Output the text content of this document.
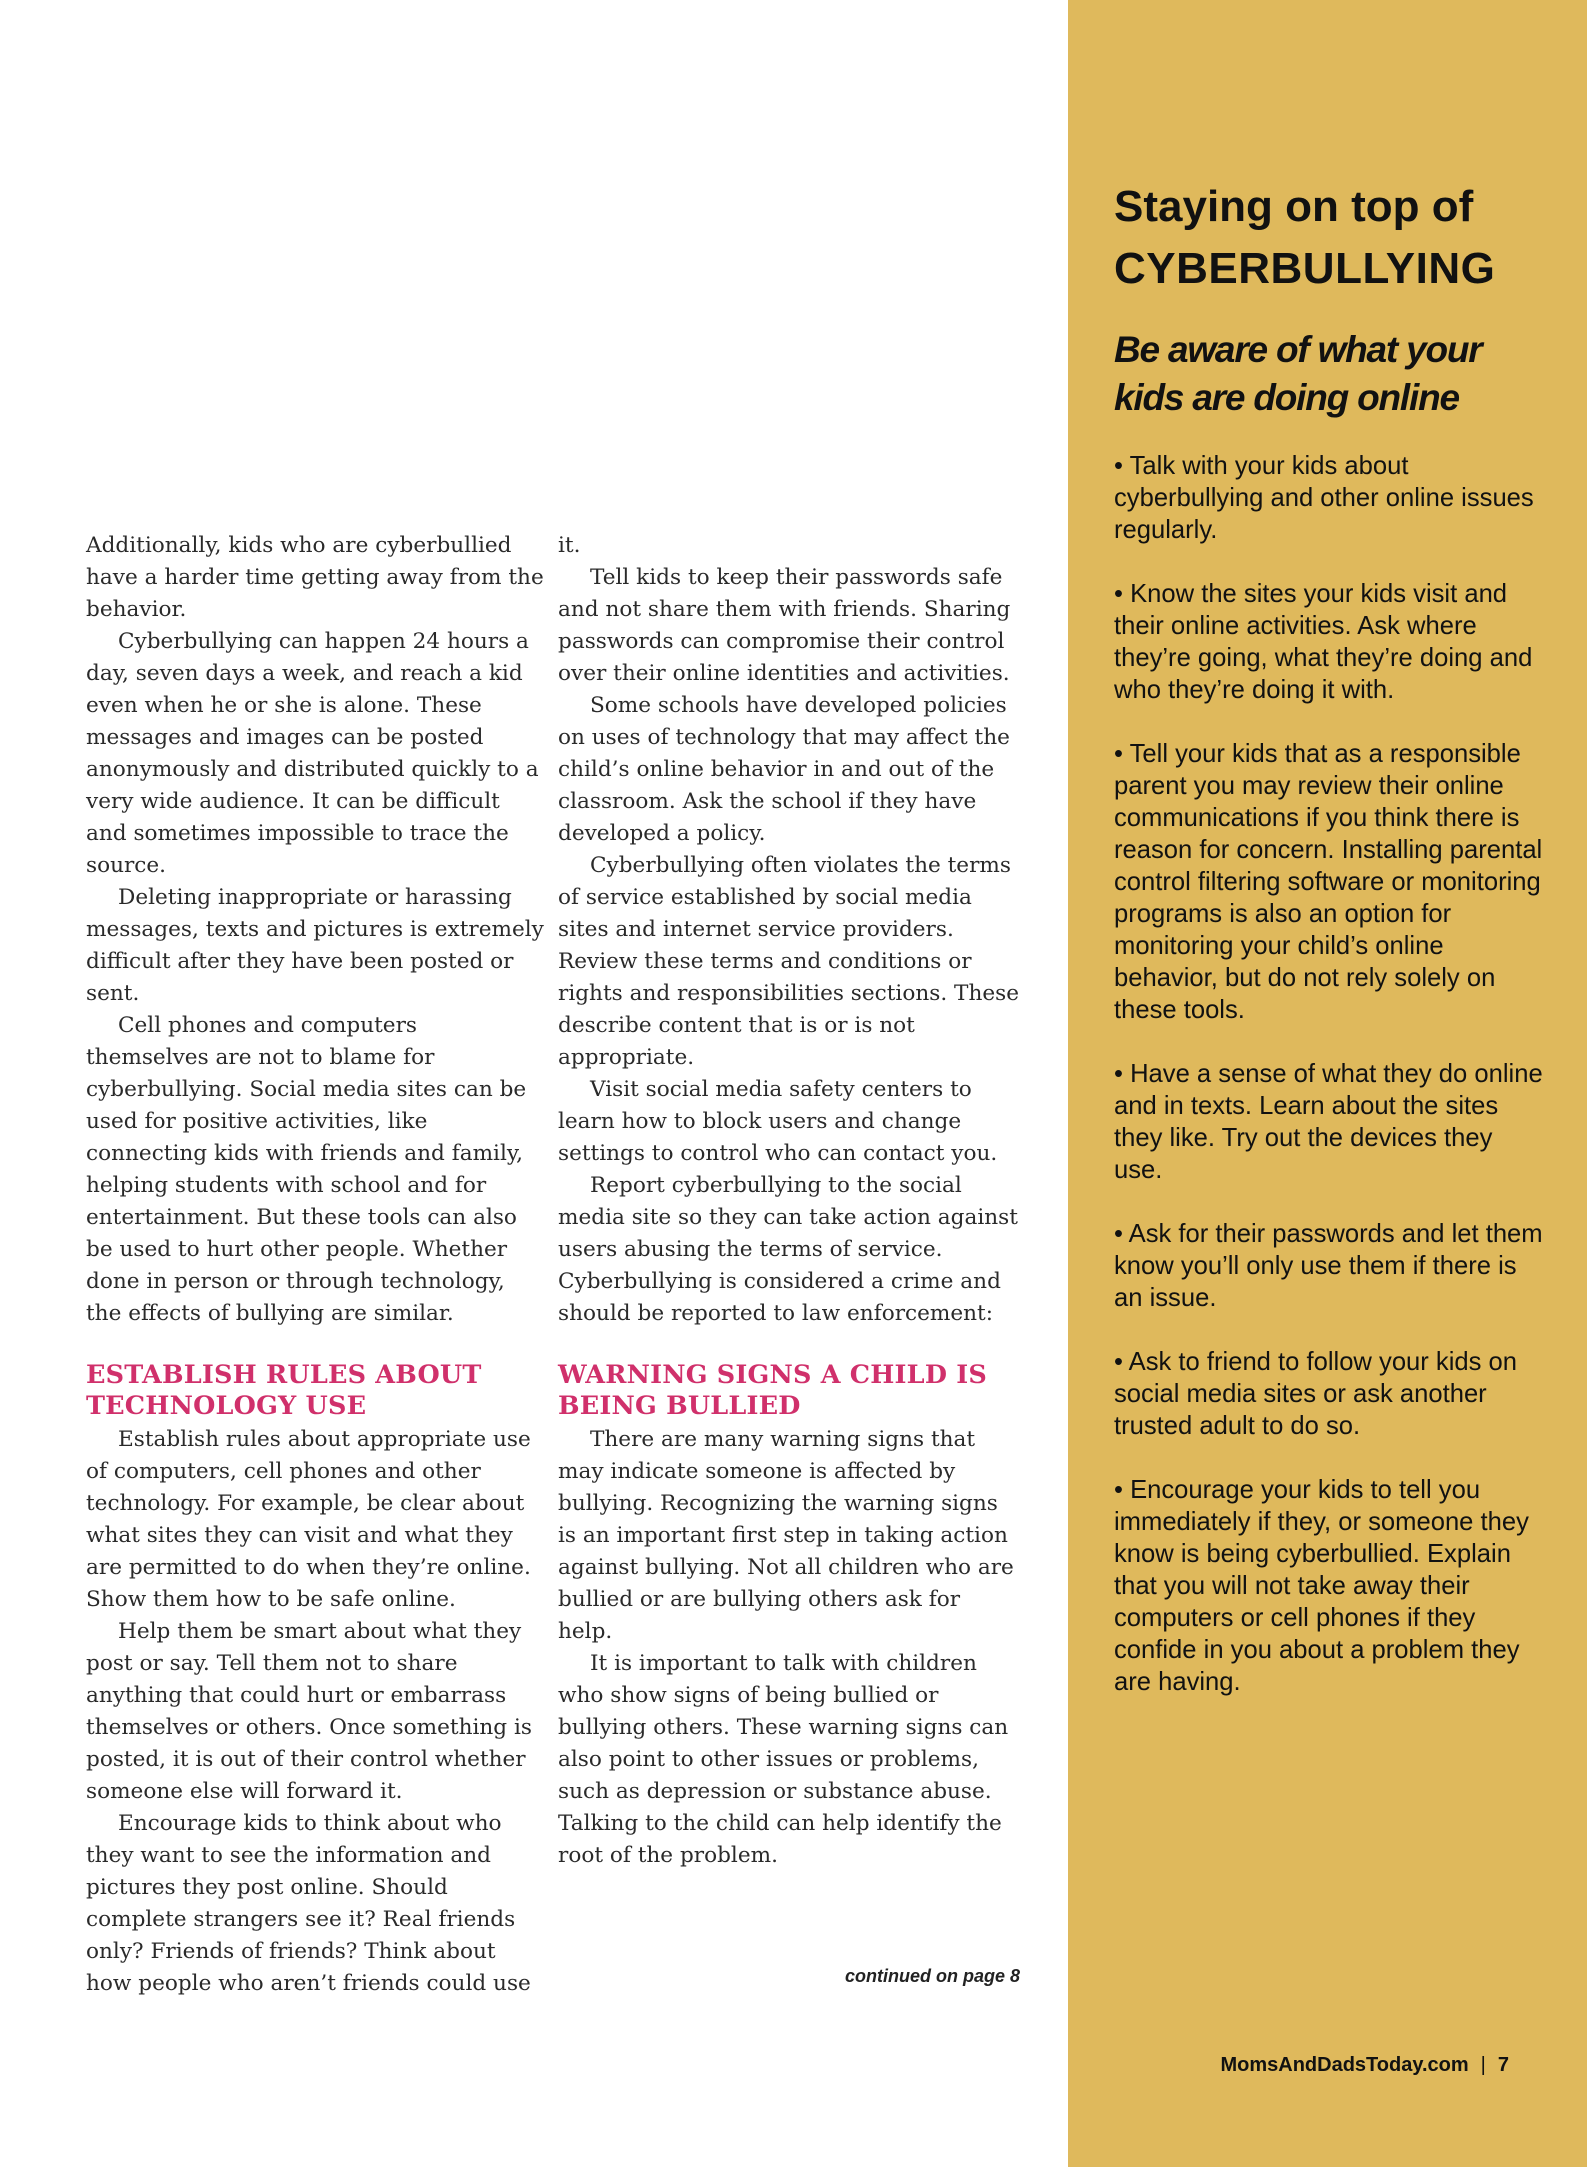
Additionally, kids who are cyberbullied have a harder time getting away from the behavior.

Cyberbullying can happen 24 hours a day, seven days a week, and reach a kid even when he or she is alone. These messages and images can be posted anonymously and distributed quickly to a very wide audience. It can be difficult and sometimes impossible to trace the source.

Deleting inappropriate or harassing messages, texts and pictures is extremely difficult after they have been posted or sent.

Cell phones and computers themselves are not to blame for cyberbullying. Social media sites can be used for positive activities, like connecting kids with friends and family, helping students with school and for entertainment. But these tools can also be used to hurt other people. Whether done in person or through technology, the effects of bullying are similar.

ESTABLISH RULES ABOUT TECHNOLOGY USE

Establish rules about appropriate use of computers, cell phones and other technology. For example, be clear about what sites they can visit and what they are permitted to do when they’re online. Show them how to be safe online.

Help them be smart about what they post or say. Tell them not to share anything that could hurt or embarrass themselves or others. Once something is posted, it is out of their control whether someone else will forward it.

Encourage kids to think about who they want to see the information and pictures they post online. Should complete strangers see it? Real friends only? Friends of friends? Think about how people who aren’t friends could use

it.

Tell kids to keep their passwords safe and not share them with friends. Sharing passwords can compromise their control over their online identities and activities.

Some schools have developed policies on uses of technology that may affect the child’s online behavior in and out of the classroom. Ask the school if they have developed a policy.

Cyberbullying often violates the terms of service established by social media sites and internet service providers. Review these terms and conditions or rights and responsibilities sections. These describe content that is or is not appropriate.

Visit social media safety centers to learn how to block users and change settings to control who can contact you.

Report cyberbullying to the social media site so they can take action against users abusing the terms of service. Cyberbullying is considered a crime and should be reported to law enforcement:

WARNING SIGNS A CHILD IS BEING BULLIED

There are many warning signs that may indicate someone is affected by bullying. Recognizing the warning signs is an important first step in taking action against bullying. Not all children who are bullied or are bullying others ask for help.

It is important to talk with children who show signs of being bullied or bullying others. These warning signs can also point to other issues or problems, such as depression or substance abuse. Talking to the child can help identify the root of the problem.

continued on page 8
Staying on top of
CYBERBULLYING
Be aware of what your kids are doing online

• Talk with your kids about cyberbullying and other online issues regularly.

• Know the sites your kids visit and their online activities. Ask where they’re going, what they’re doing and who they’re doing it with.

• Tell your kids that as a responsible parent you may review their online communications if you think there is reason for concern. Installing parental control filtering software or monitoring programs is also an option for monitoring your child’s online behavior, but do not rely solely on these tools.

• Have a sense of what they do online and in texts. Learn about the sites they like. Try out the devices they use.

• Ask for their passwords and let them know you’ll only use them if there is an issue.

• Ask to friend to follow your kids on social media sites or ask another trusted adult to do so.

• Encourage your kids to tell you immediately if they, or someone they know is being cyberbullied. Explain that you will not take away their computers or cell phones if they confide in you about a problem they are having.

MomsAndDadsToday.com | 7
